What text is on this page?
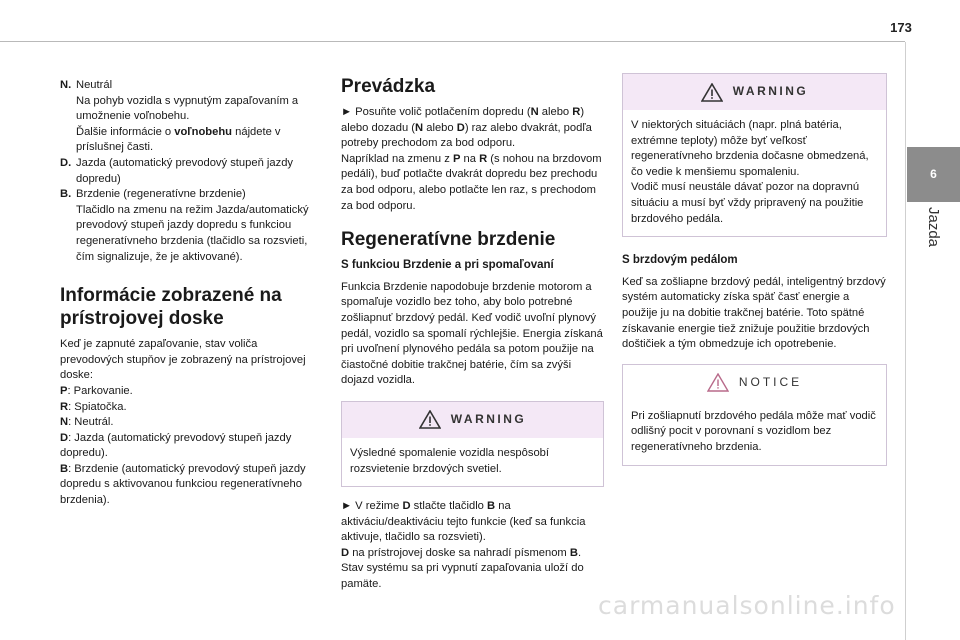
173
6
Jazda
N. Neutrál
Na pohyb vozidla s vypnutým zapaľovaním a umožnenie voľnobehu.
Ďalšie informácie o voľnobehu nájdete v príslušnej časti.
D. Jazda (automatický prevodový stupeň jazdy dopredu)
B. Brzdenie (regeneratívne brzdenie)
Tlačidlo na zmenu na režim Jazda/automatický prevodový stupeň jazdy dopredu s funkciou regeneratívneho brzdenia (tlačidlo sa rozsvieti, čím signalizuje, že je aktivované).
Informácie zobrazené na prístrojovej doske

Keď je zapnuté zapaľovanie, stav voliča prevodových stupňov je zobrazený na prístrojovej doske:

P: Parkovanie.
R: Spiatočka.
N: Neutrál.
D: Jazda (automatický prevodový stupeň jazdy dopredu).
B: Brzdenie (automatický prevodový stupeň jazdy dopredu s aktivovanou funkciou regeneratívneho brzdenia).
Prevádzka

► Posuňte volič potlačením dopredu (N alebo R) alebo dozadu (N alebo D) raz alebo dvakrát, podľa potreby prechodom za bod odporu.
Napríklad na zmenu z P na R (s nohou na brzdovom pedáli), buď potlačte dvakrát dopredu bez prechodu za bod odporu, alebo potlačte len raz, s prechodom za bod odporu.

Regeneratívne brzdenie
S funkciou Brzdenie a pri spomaľovaní

Funkcia Brzdenie napodobuje brzdenie motorom a spomaľuje vozidlo bez toho, aby bolo potrebné zošliapnuť brzdový pedál. Keď vodič uvoľní plynový pedál, vozidlo sa spomalí rýchlejšie. Energia získaná pri uvoľnení plynového pedála sa potom použije na čiastočné dobitie trakčnej batérie, čím sa zvýši dojazd vozidla.

WARNING
Výsledné spomalenie vozidla nespôsobí rozsvietenie brzdových svetiel.

► V režime D stlačte tlačidlo B na aktiváciu/deaktiváciu tejto funkcie (keď sa funkcia aktivuje, tlačidlo sa rozsvieti).
D na prístrojovej doske sa nahradí písmenom B.
Stav systému sa pri vypnutí zapaľovania uloží do pamäte.

WARNING
V niektorých situáciách (napr. plná batéria, extrémne teploty) môže byť veľkosť regeneratívneho brzdenia dočasne obmedzená, čo vedie k menšiemu spomaleniu.
Vodič musí neustále dávať pozor na dopravnú situáciu a musí byť vždy pripravený na použitie brzdového pedála.
S brzdovým pedálom

Keď sa zošliapne brzdový pedál, inteligentný brzdový systém automaticky získa späť časť energie a použije ju na dobitie trakčnej batérie. Toto spätné získavanie energie tiež znižuje použitie brzdových doštičiek a tým obmedzuje ich opotrebenie.

NOTICE
Pri zošliapnutí brzdového pedála môže mať vodič odlišný pocit v porovnaní s vozidlom bez regeneratívneho brzdenia.
carmanualsonline.info
